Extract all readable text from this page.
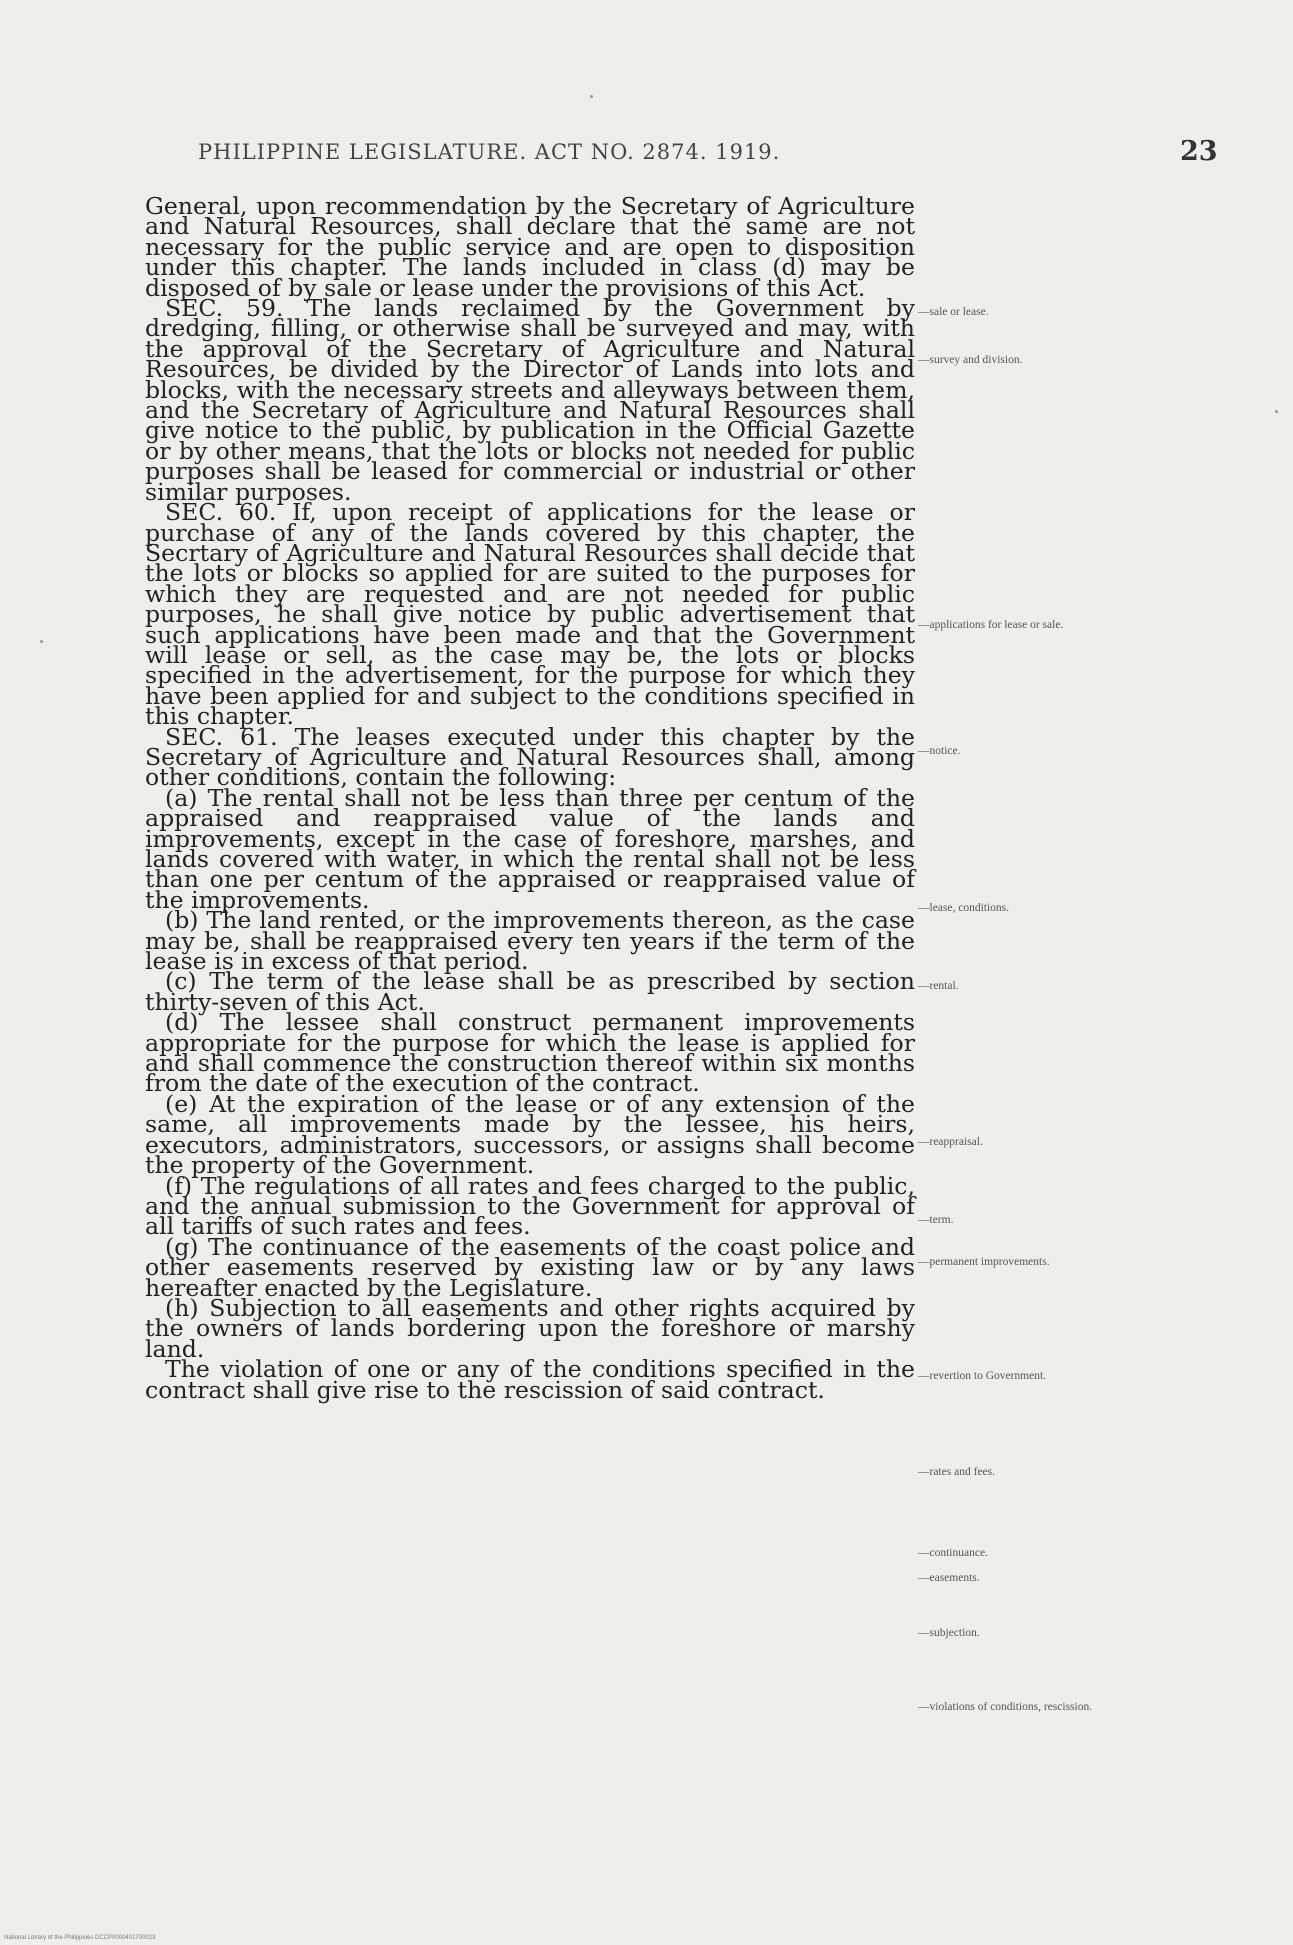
PHILIPPINE LEGISLATURE. ACT NO. 2874. 1919.	23

General, upon recommendation by the Secretary of Agriculture and Natural Resources, shall declare that the same are not necessary for the public service and are open to disposition under this chapter. The lands included in class (d) may be disposed of by sale or lease under the provisions of this Act.

SEC. 59. The lands reclaimed by the Government by dredging, filling, or otherwise shall be surveyed and may, with the approval of the Secretary of Agriculture and Natural Resources, be divided by the Director of Lands into lots and blocks, with the necessary streets and alleyways between them, and the Secretary of Agriculture and Natural Resources shall give notice to the public, by publication in the Official Gazette or by other means, that the lots or blocks not needed for public purposes shall be leased for commercial or industrial or other similar purposes.

SEC. 60. If, upon receipt of applications for the lease or purchase of any of the lands covered by this chapter, the Secrtary of Agriculture and Natural Resources shall decide that the lots or blocks so applied for are suited to the purposes for which they are requested and are not needed for public purposes, he shall give notice by public advertisement that such applications have been made and that the Government will lease or sell, as the case may be, the lots or blocks specified in the advertisement, for the purpose for which they have been applied for and subject to the conditions specified in this chapter.

SEC. 61. The leases executed under this chapter by the Secretary of Agriculture and Natural Resources shall, among other conditions, contain the following:

(a) The rental shall not be less than three per centum of the appraised and reappraised value of the lands and improvements, except in the case of foreshore, marshes, and lands covered with water, in which the rental shall not be less than one per centum of the appraised or reappraised value of the improvements.

(b) The land rented, or the improvements thereon, as the case may be, shall be reappraised every ten years if the term of the lease is in excess of that period.

(c) The term of the lease shall be as prescribed by section thirty-seven of this Act.

(d) The lessee shall construct permanent improvements appropriate for the purpose for which the lease is applied for and shall commence the construction thereof within six months from the date of the execution of the contract.

(e) At the expiration of the lease or of any extension of the same, all improvements made by the lessee, his heirs, executors, administrators, successors, or assigns shall become the property of the Government.

(f) The regulations of all rates and fees charged to the public, and the annual submission to the Government for approval of all tariffs of such rates and fees.

(g) The continuance of the easements of the coast police and other easements reserved by existing law or by any laws hereafter enacted by the Legislature.

(h) Subjection to all easements and other rights acquired by the owners of lands bordering upon the foreshore or marshy land.

The violation of one or any of the conditions specified in the contract shall give rise to the rescission of said contract.

—sale or lease.
—survey and division.
—applications for lease or sale.
—notice.
—lease, conditions.
—rental.
—reappraisal.
—term.
—permanent improvements.
—revertion to Government.
—rates and fees.
—continuance.
—easements.
—subjection.
—violations of conditions, rescission.
National Library of the Philippines DCCP0000401700023
